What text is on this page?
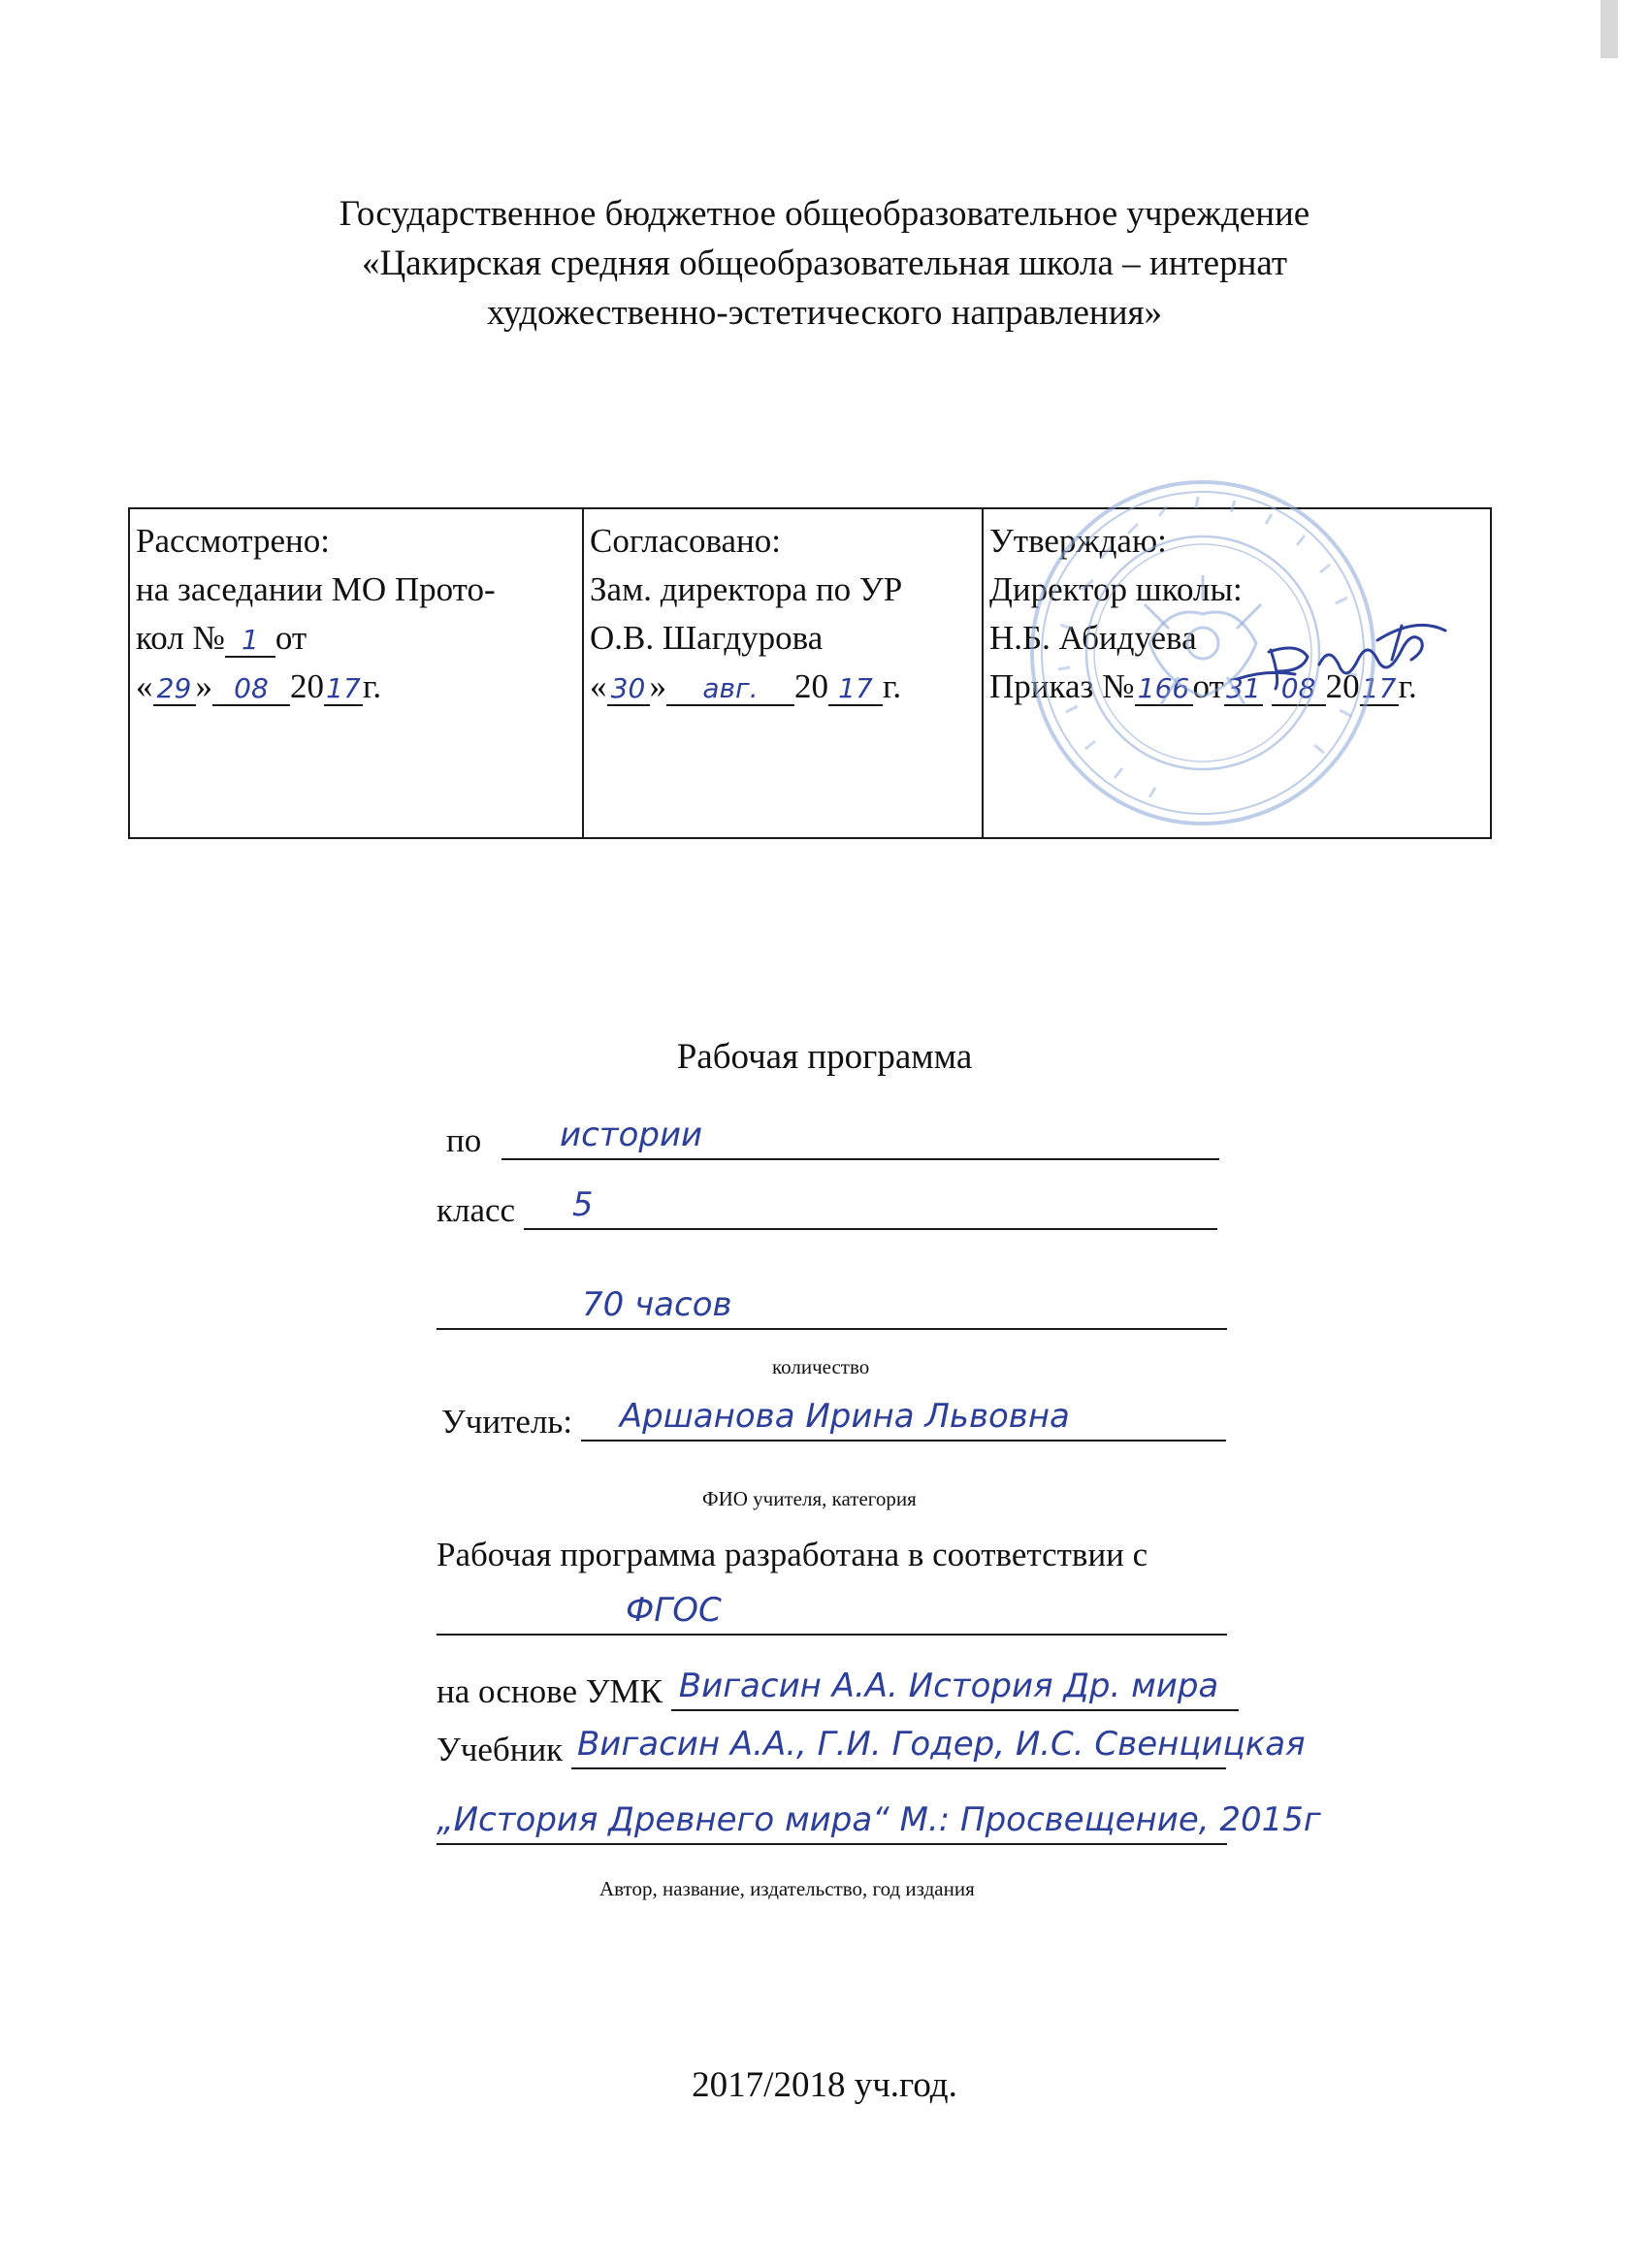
Государственное бюджетное общеобразовательное учреждение
«Цакирская средняя общеобразовательная школа – интернат
художественно-эстетического направления»
Рассмотрено:
на заседании МО Прото-
кол № 1 от
« 29 » 08 2017г.
Согласовано:
Зам. директора по УР
О.В. Шагдурова
« 30 » авг. 20 17 г.
Утверждаю:
Директор школы:
Н.Б. Абидуева
Приказ № 166от31 08 2017г.
Рабочая программа
по истории
класс 5
70 часов
количество
Учитель: Аршанова Ирина Львовна
ФИО учителя, категория
Рабочая программа разработана в соответствии с
ФГОС
на основе УМК Вигасин А.А. История Др. мира
Учебник Вигасин А.А., Г.И. Годер, И.С. Свенцицкая
„История Древнего мира“ М.: Просвещение, 2015г
Автор, название, издательство, год издания
2017/2018 уч.год.
